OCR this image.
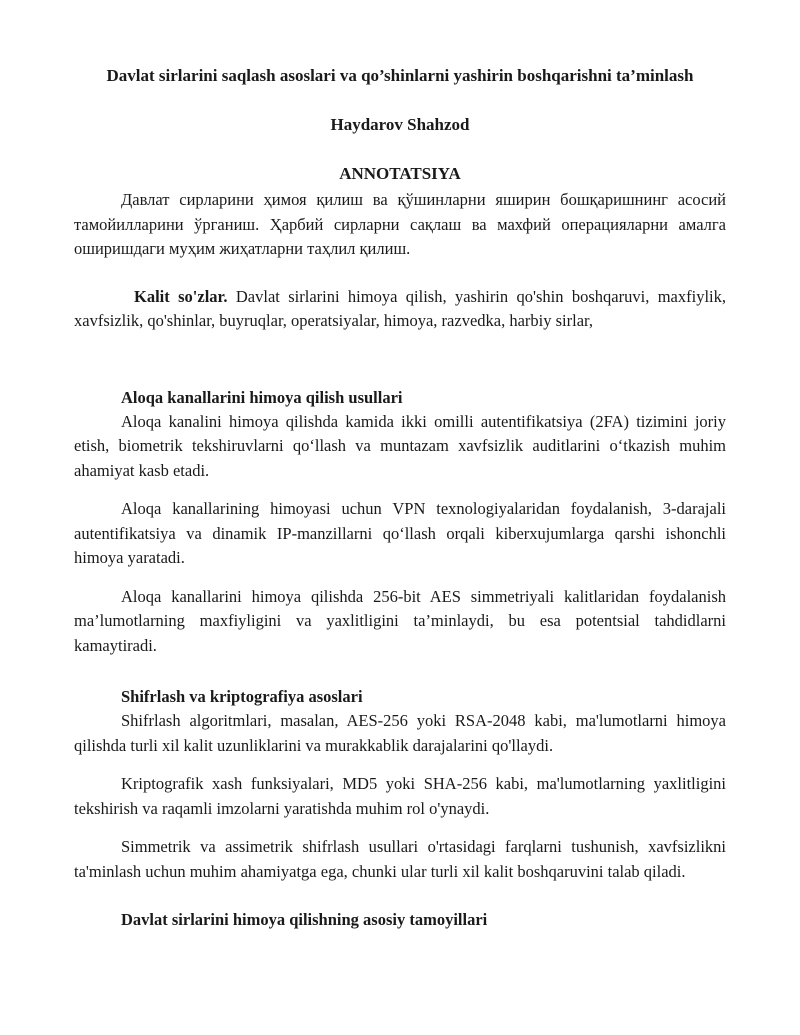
Davlat sirlarini saqlash asoslari va qo’shinlarni yashirin boshqarishni ta’minlash
Haydarov Shahzod
ANNOTATSIYA

Давлат сирларини ҳимоя қилиш ва қўшинларни яширин бошқаришнинг асосий тамойилларини ўрганиш. Ҳарбий сирларни сақлаш ва махфий операцияларни амалга оширишдаги муҳим жиҳатларни таҳлил қилиш.

Kalit so'zlar. Davlat sirlarini himoya qilish, yashirin qo'shin boshqaruvi, maxfiylik, xavfsizlik, qo'shinlar, buyruqlar, operatsiyalar, himoya, razvedka, harbiy sirlar,

Aloqa kanallarini himoya qilish usullari

Aloqa kanalini himoya qilishda kamida ikki omilli autentifikatsiya (2FA) tizimini joriy etish, biometrik tekshiruvlarni qo‘llash va muntazam xavfsizlik auditlarini o‘tkazish muhim ahamiyat kasb etadi.

Aloqa kanallarining himoyasi uchun VPN texnologiyalaridan foydalanish, 3-darajali autentifikatsiya va dinamik IP-manzillarni qo‘llash orqali kiberxujumlarga qarshi ishonchli himoya yaratadi.

Aloqa kanallarini himoya qilishda 256-bit AES simmetriyali kalitlaridan foydalanish ma’lumotlarning maxfiyligini va yaxlitligini ta’minlaydi, bu esa potentsial tahdidlarni kamaytiradi.

Shifrlash va kriptografiya asoslari

Shifrlash algoritmlari, masalan, AES-256 yoki RSA-2048 kabi, ma'lumotlarni himoya qilishda turli xil kalit uzunliklarini va murakkablik darajalarini qo'llaydi.

Kriptografik xash funksiyalari, MD5 yoki SHA-256 kabi, ma'lumotlarning yaxlitligini tekshirish va raqamli imzolarni yaratishda muhim rol o'ynaydi.

Simmetrik va assimetrik shifrlash usullari o'rtasidagi farqlarni tushunish, xavfsizlikni ta'minlash uchun muhim ahamiyatga ega, chunki ular turli xil kalit boshqaruvini talab qiladi.

Davlat sirlarini himoya qilishning asosiy tamoyillari
